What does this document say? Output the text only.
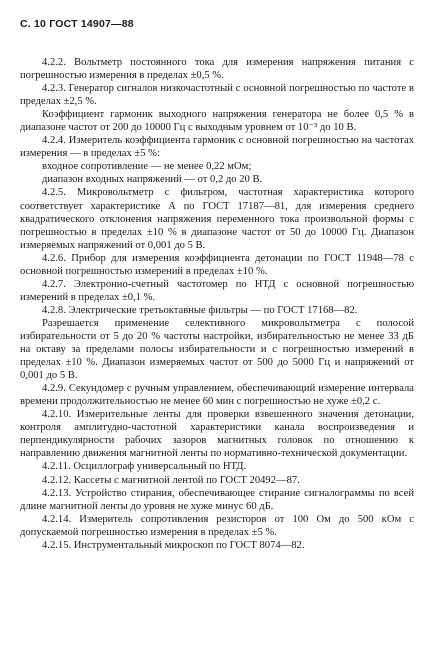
С. 10 ГОСТ 14907—88

4.2.2. Вольтметр постоянного тока для измерения напряжения питания с погрешностью измерения в пределах ±0,5 %.

4.2.3. Генератор сигналов низкочастотный с основной погрешностью по частоте в пределах ±2,5 %.

Коэффициент гармоник выходного напряжения генератора не более 0,5 % в диапазоне частот от 200 до 10000 Гц с выходным уровнем от 10⁻³ до 10 В.

4.2.4. Измеритель коэффициента гармоник с основной погрешностью на частотах измерения — в пределах ±5 %:

входное сопротивление — не менее 0,22 мОм;

диапазон входных напряжений — от 0,2 до 20 В.

4.2.5. Микровольтметр с фильтром, частотная характеристика которого соответствует характеристике А по ГОСТ 17187—81, для измерения среднего квадратического отклонения напряжения переменного тока произвольной формы с погрешностью в пределах ±10 % в диапазоне частот от 50 до 10000 Гц. Диапазон измеряемых напряжений от 0,001 до 5 В.

4.2.6. Прибор для измерения коэффициента детонации по ГОСТ 11948—78 с основной погрешностью измерений в пределах ±10 %.

4.2.7. Электронно-счетный частотомер по НТД с основной погрешностью измерений в пределах ±0,1 %.

4.2.8. Электрические третьоктавные фильтры — по ГОСТ 17168—82.

Разрешается применение селективного микровольтметра с полосой избирательности от 5 до 20 % частоты настройки, избирательностью не менее 33 дБ на октаву за пределами полосы избирательности и с погрешностью измерений в пределах ±10 %. Диапазон измеряемых частот от 500 до 5000 Гц и напряжений от 0,001 до 5 В.

4.2.9. Секундомер с ручным управлением, обеспечивающий измерение интервала времени продолжительностью не менее 60 мин с погрешностью не хуже ±0,2 с.

4.2.10. Измерительные ленты для проверки взвешенного значения детонации, контроля амплитудно-частотной характеристики канала воспроизведения и перпендикулярности рабочих зазоров магнитных головок по отношению к направлению движения магнитной ленты по нормативно-технической документации.

4.2.11. Осциллограф универсальный по НТД.

4.2.12. Кассеты с магнитной лентой по ГОСТ 20492—87.

4.2.13. Устройство стирания, обеспечивающее стирание сигналограммы по всей длине магнитной ленты до уровня не хуже минус 60 дБ.

4.2.14. Измеритель сопротивления резисторов от 100 Ом до 500 кОм с допускаемой погрешностью измерения в пределах ±5 %.

4.2.15. Инструментальный микроскоп по ГОСТ 8074—82.
